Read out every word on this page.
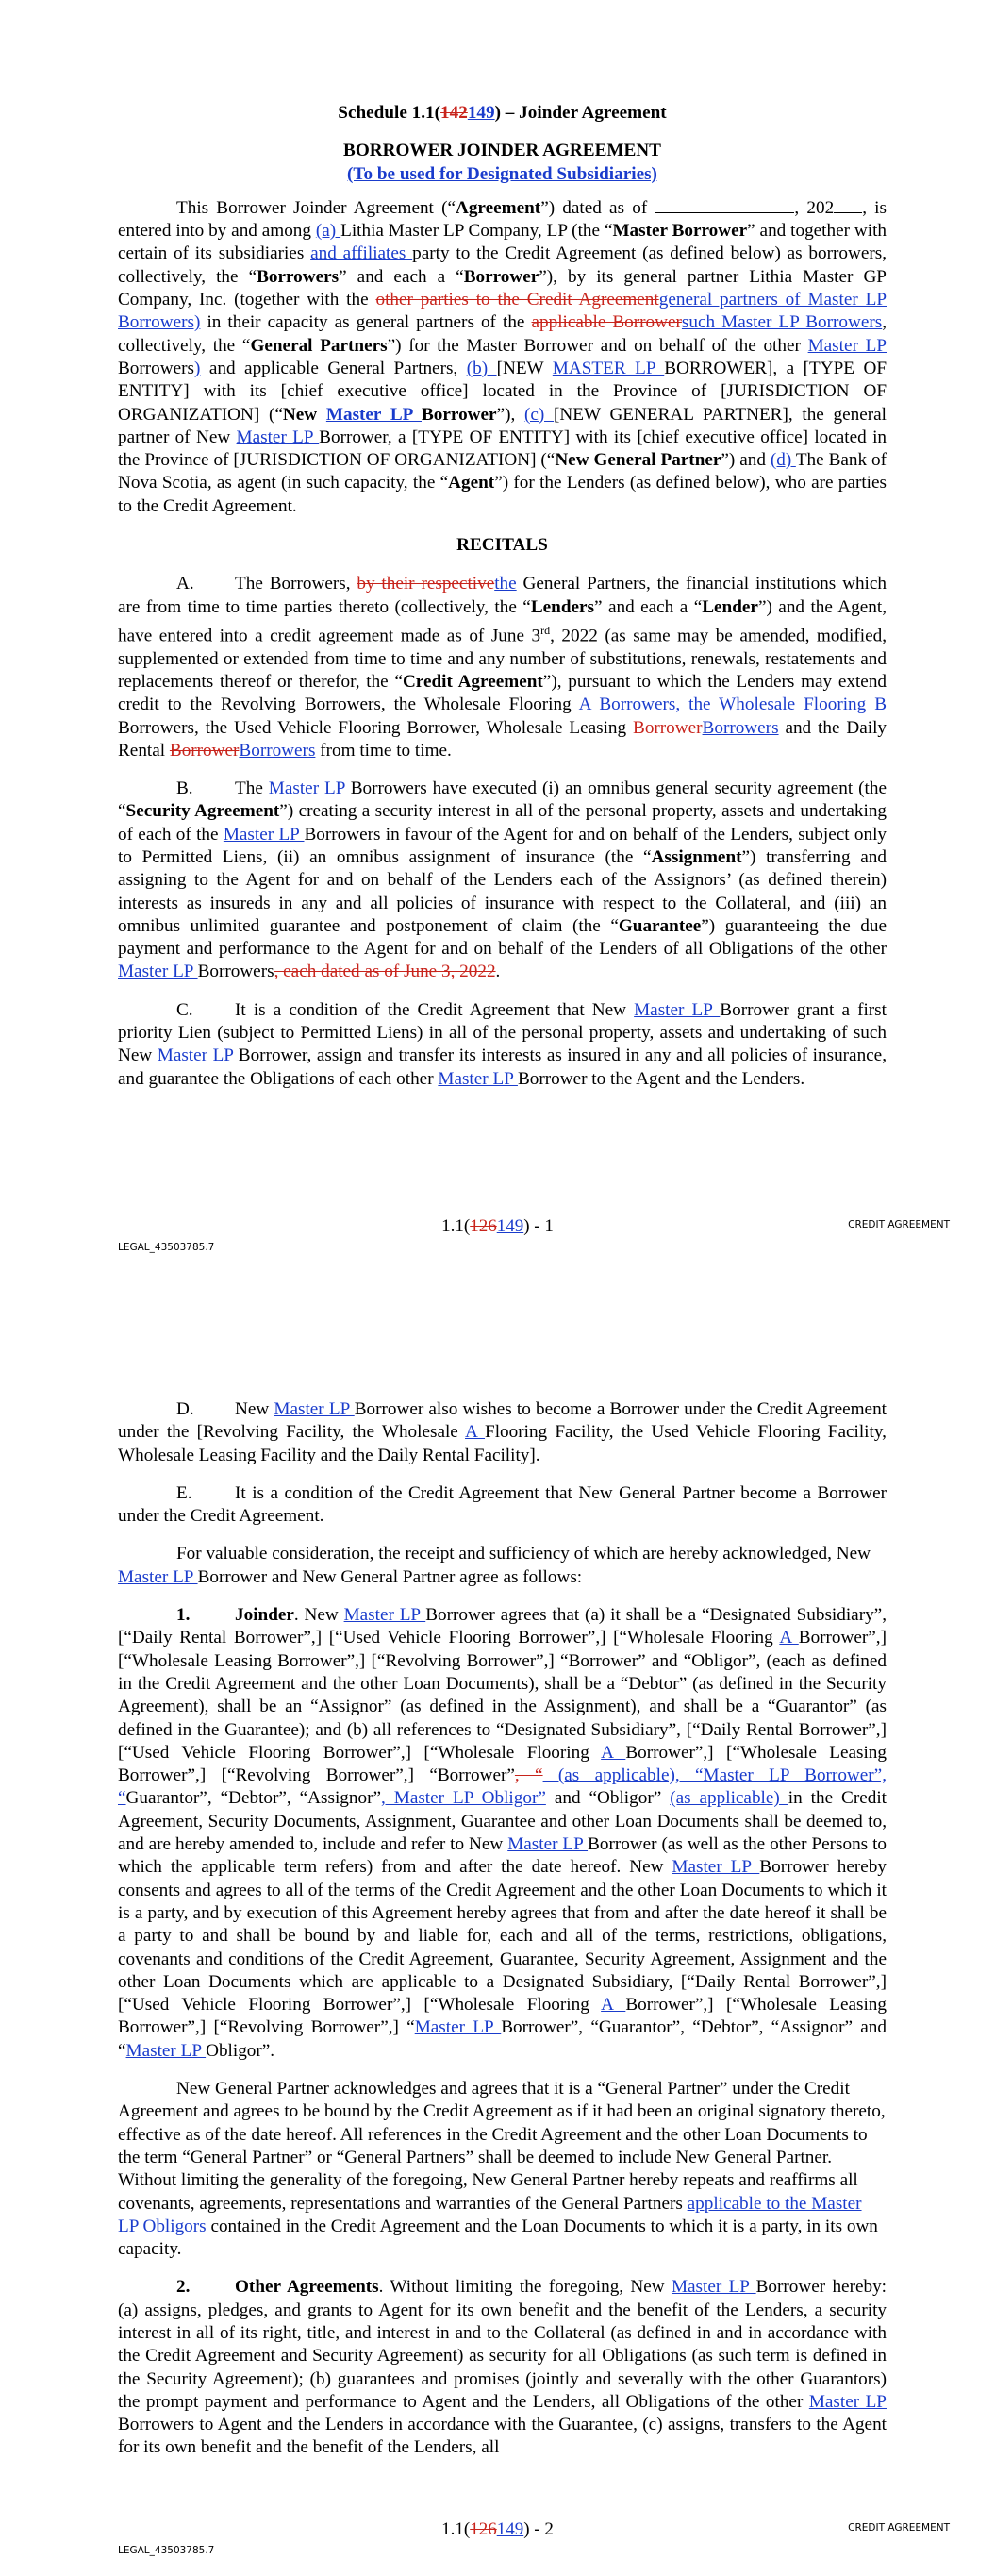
Schedule 1.1(142149) – Joinder Agreement

BORROWER JOINDER AGREEMENT

(To be used for Designated Subsidiaries)

This Borrower Joinder Agreement (“Agreement”) dated as of	, 202 , is entered into by and among (a) Lithia Master LP Company, LP (the “Master Borrower” and together with certain of its subsidiaries and affiliates party to the Credit Agreement (as defined below) as borrowers, collectively, the “Borrowers” and each a “Borrower”), by its general partner Lithia Master GP Company, Inc. (together with the other parties to the Credit Agreementgeneral partners of Master LP Borrowers) in their capacity as general partners of the applicable Borrowersuch Master LP Borrowers, collectively, the “General Partners”) for the Master Borrower and on behalf of the other Master LP Borrowers) and applicable General Partners, (b) [NEW MASTER LP BORROWER], a [TYPE OF ENTITY] with its [chief executive office] located in the Province of [JURISDICTION OF ORGANIZATION] (“New Master LP Borrower”), (c) [NEW GENERAL PARTNER], the general partner of New Master LP Borrower, a [TYPE OF ENTITY] with its [chief executive office] located in the Province of [JURISDICTION OF ORGANIZATION] (“New General Partner”) and (d) The Bank of Nova Scotia, as agent (in such capacity, the “Agent”) for the Lenders (as defined below), who are parties to the Credit Agreement.

RECITALS

A. The Borrowers, by their respectivethe General Partners, the financial institutions which are from time to time parties thereto (collectively, the “Lenders” and each a “Lender”) and the Agent, have entered into a credit agreement made as of June 3rd, 2022 (as same may be amended, modified, supplemented or extended from time to time and any number of substitutions, renewals, restatements and replacements thereof or therefor, the “Credit Agreement”), pursuant to which the Lenders may extend credit to the Revolving Borrowers, the Wholesale Flooring A Borrowers, the Wholesale Flooring B Borrowers, the Used Vehicle Flooring Borrower, Wholesale Leasing BorrowerBorrowers and the Daily Rental BorrowerBorrowers from time to time.

B. The Master LP Borrowers have executed (i) an omnibus general security agreement (the “Security Agreement”) creating a security interest in all of the personal property, assets and undertaking of each of the Master LP Borrowers in favour of the Agent for and on behalf of the Lenders, subject only to Permitted Liens, (ii) an omnibus assignment of insurance (the “Assignment”) transferring and assigning to the Agent for and on behalf of the Lenders each of the Assignors’ (as defined therein) interests as insureds in any and all policies of insurance with respect to the Collateral, and (iii) an omnibus unlimited guarantee and postponement of claim (the “Guarantee”) guaranteeing the due payment and performance to the Agent for and on behalf of the Lenders of all Obligations of the other Master LP Borrowers, each dated as of June 3, 2022.

C. It is a condition of the Credit Agreement that New Master LP Borrower grant a first priority Lien (subject to Permitted Liens) in all of the personal property, assets and undertaking of such New Master LP Borrower, assign and transfer its interests as insured in any and all policies of insurance, and guarantee the Obligations of each other Master LP Borrower to the Agent and the Lenders.

1.1(126149) - 1	CREDIT AGREEMENT
LEGAL_43503785.7

D. New Master LP Borrower also wishes to become a Borrower under the Credit Agreement under the [Revolving Facility, the Wholesale A Flooring Facility, the Used Vehicle Flooring Facility, Wholesale Leasing Facility and the Daily Rental Facility].

E. It is a condition of the Credit Agreement that New General Partner become a Borrower under the Credit Agreement.

For valuable consideration, the receipt and sufficiency of which are hereby acknowledged, New Master LP Borrower and New General Partner agree as follows:

1. Joinder. New Master LP Borrower agrees that (a) it shall be a “Designated Subsidiary”, [“Daily Rental Borrower”,] [“Used Vehicle Flooring Borrower”,] [“Wholesale Flooring A Borrower”,] [“Wholesale Leasing Borrower”,] [“Revolving Borrower”,] “Borrower” and “Obligor”, (each as defined in the Credit Agreement and the other Loan Documents), shall be a “Debtor” (as defined in the Security Agreement), shall be an “Assignor” (as defined in the Assignment), and shall be a “Guarantor” (as defined in the Guarantee); and (b) all references to “Designated Subsidiary”, [“Daily Rental Borrower”,] [“Used Vehicle Flooring Borrower”,] [“Wholesale Flooring A Borrower”,] [“Wholesale Leasing Borrower”,] [“Revolving Borrower”,] “Borrower”, “ (as applicable), “Master LP Borrower”, “Guarantor”, “Debtor”, “Assignor”, Master LP Obligor” and “Obligor” (as applicable) in the Credit Agreement, Security Documents, Assignment, Guarantee and other Loan Documents shall be deemed to, and are hereby amended to, include and refer to New Master LP Borrower (as well as the other Persons to which the applicable term refers) from and after the date hereof. New Master LP Borrower hereby consents and agrees to all of the terms of the Credit Agreement and the other Loan Documents to which it is a party, and by execution of this Agreement hereby agrees that from and after the date hereof it shall be a party to and shall be bound by and liable for, each and all of the terms, restrictions, obligations, covenants and conditions of the Credit Agreement, Guarantee, Security Agreement, Assignment and the other Loan Documents which are applicable to a Designated Subsidiary, [“Daily Rental Borrower”,] [“Used Vehicle Flooring Borrower”,] [“Wholesale Flooring A Borrower”,] [“Wholesale Leasing Borrower”,] [“Revolving Borrower”,] “Master LP Borrower”, “Guarantor”, “Debtor”, “Assignor” and “Master LP Obligor”.

New General Partner acknowledges and agrees that it is a “General Partner” under the Credit Agreement and agrees to be bound by the Credit Agreement as if it had been an original signatory thereto, effective as of the date hereof. All references in the Credit Agreement and the other Loan Documents to the term “General Partner” or “General Partners” shall be deemed to include New General Partner. Without limiting the generality of the foregoing, New General Partner hereby repeats and reaffirms all covenants, agreements, representations and warranties of the General Partners applicable to the Master LP Obligors contained in the Credit Agreement and the Loan Documents to which it is a party, in its own capacity.

2. Other Agreements. Without limiting the foregoing, New Master LP Borrower hereby: (a) assigns, pledges, and grants to Agent for its own benefit and the benefit of the Lenders, a security interest in all of its right, title, and interest in and to the Collateral (as defined in and in accordance with the Credit Agreement and Security Agreement) as security for all Obligations (as such term is defined in the Security Agreement); (b) guarantees and promises (jointly and severally with the other Guarantors) the prompt payment and performance to Agent and the Lenders, all Obligations of the other Master LP Borrowers to Agent and the Lenders in accordance with the Guarantee, (c) assigns, transfers to the Agent for its own benefit and the benefit of the Lenders, all

1.1(126149) - 2	CREDIT AGREEMENT
LEGAL_43503785.7
